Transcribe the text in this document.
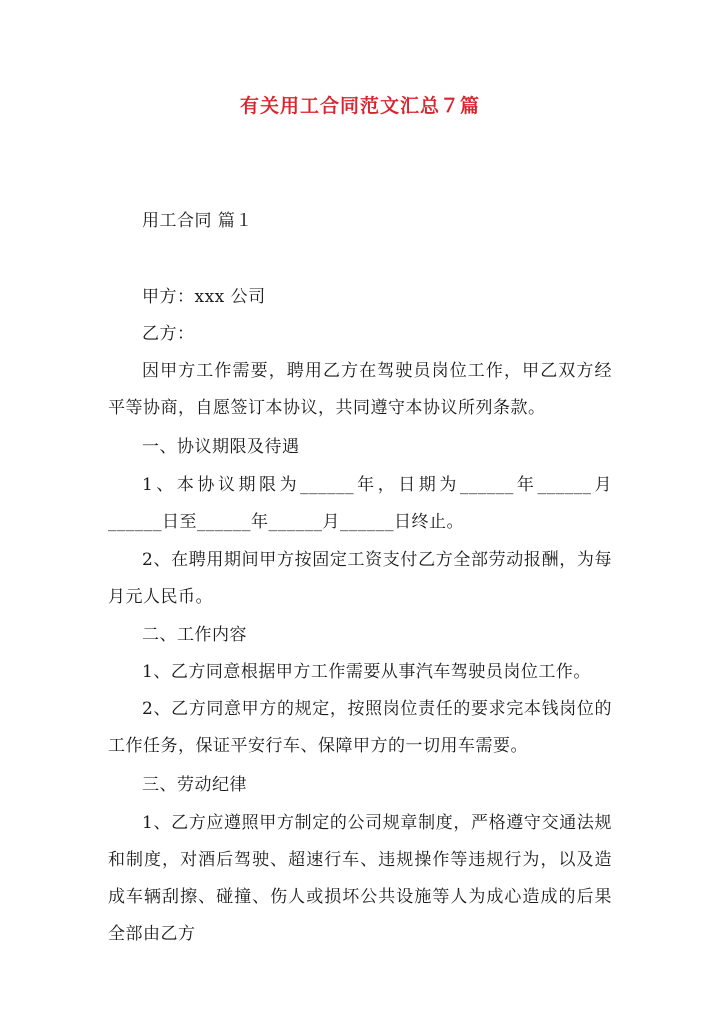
有关用工合同范文汇总７篇
用工合同 篇１
甲方：xxx 公司
乙方：
因甲方工作需要，聘用乙方在驾驶员岗位工作，甲乙双方经平等协商，自愿签订本协议，共同遵守本协议所列条款。
一、协议期限及待遇
1、本协议期限为______年，日期为______年______月______日至______年______月______日终止。
2、在聘用期间甲方按固定工资支付乙方全部劳动报酬，为每月元人民币。
二、工作内容
1、乙方同意根据甲方工作需要从事汽车驾驶员岗位工作。
2、乙方同意甲方的规定，按照岗位责任的要求完本钱岗位的工作任务，保证平安行车、保障甲方的一切用车需要。
三、劳动纪律
1、乙方应遵照甲方制定的公司规章制度，严格遵守交通法规和制度，对酒后驾驶、超速行车、违规操作等违规行为，以及造成车辆刮擦、碰撞、伤人或损坏公共设施等人为成心造成的后果全部由乙方
